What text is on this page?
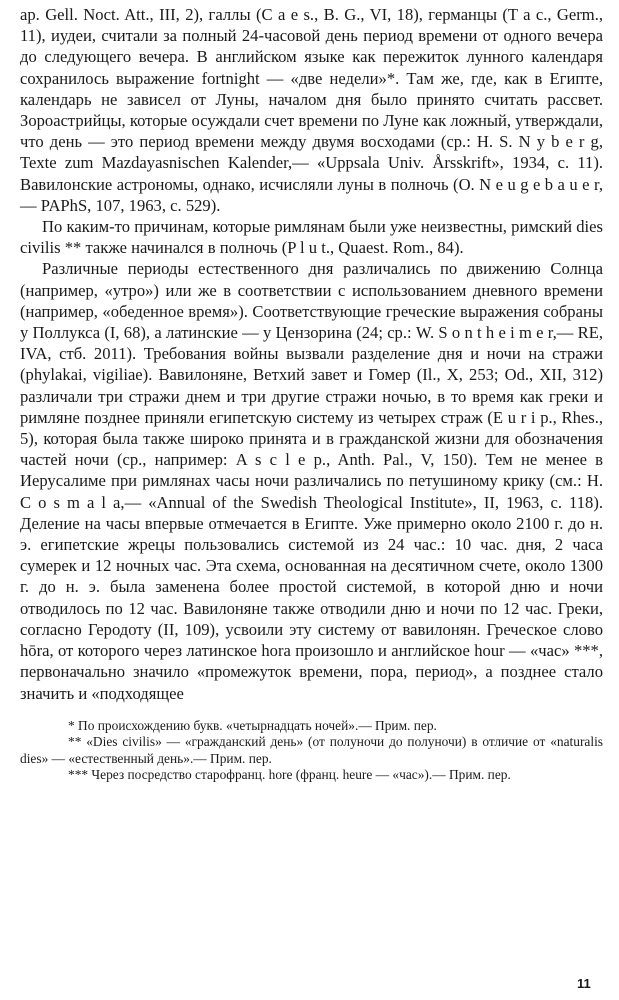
ap. Gell. Noct. Att., III, 2), галлы (C a e s., B. G., VI, 18), германцы (T a c., Germ., 11), иудеи, считали за полный 24-часовой день период времени от одного вечера до следующего вечера. В английском языке как пережиток лунного календаря сохранилось выражение fortnight — «две недели»*. Там же, где, как в Египте, календарь не зависел от Луны, началом дня было принято считать рассвет. Зороастрийцы, которые осуждали счет времени по Луне как ложный, утверждали, что день — это период времени между двумя восходами (ср.: H. S. N y b e r g, Texte zum Mazdayasnischen Kalender,— «Uppsala Univ. Årsskrift», 1934, c. 11). Вавилонские астрономы, однако, исчисляли луны в полночь (O. N e u g e b a u e r,— PAPhS, 107, 1963, c. 529).

По каким-то причинам, которые римлянам были уже неизвестны, римский dies civilis ** также начинался в полночь (P l u t., Quaest. Rom., 84).

Различные периоды естественного дня различались по движению Солнца (например, «утро») или же в соответствии с использованием дневного времени (например, «обеденное время»). Соответствующие греческие выражения собраны у Поллукса (I, 68), а латинские — у Цензорина (24; ср.: W. S o n t h e i m e r,— RE, IVA, стб. 2011). Требования войны вызвали разделение дня и ночи на стражи (phylakai, vigiliae). Вавилоняне, Ветхий завет и Гомер (Il., X, 253; Od., XII, 312) различали три стражи днем и три другие стражи ночью, в то время как греки и римляне позднее приняли египетскую систему из четырех страж (E u r i p., Rhes., 5), которая была также широко принята и в гражданской жизни для обозначения частей ночи (ср., например: A s c l e p., Anth. Pal., V, 150). Тем не менее в Иерусалиме при римлянах часы ночи различались по петушиному крику (см.: H. C o s m a l a,— «Annual of the Swedish Theological Institute», II, 1963, c. 118). Деление на часы впервые отмечается в Египте. Уже примерно около 2100 г. до н. э. египетские жрецы пользовались системой из 24 час.: 10 час. дня, 2 часа сумерек и 12 ночных час. Эта схема, основанная на десятичном счете, около 1300 г. до н. э. была заменена более простой системой, в которой дню и ночи отводилось по 12 час. Вавилоняне также отводили дню и ночи по 12 час. Греки, согласно Геродоту (II, 109), усвоили эту систему от вавилонян. Греческое слово hōra, от которого через латинское hora произошло и английское hour — «час» ***, первоначально значило «промежуток времени, пора, период», а позднее стало значить и «подходящее

* По происхождению букв. «четырнадцать ночей».— Прим. пер.

** «Dies civilis» — «гражданский день» (от полуночи до полуночи) в отличие от «naturalis dies» — «естественный день».— Прим. пер.

*** Через посредство старофранц. hore (франц. heure — «час»).— Прим. пер.

11
